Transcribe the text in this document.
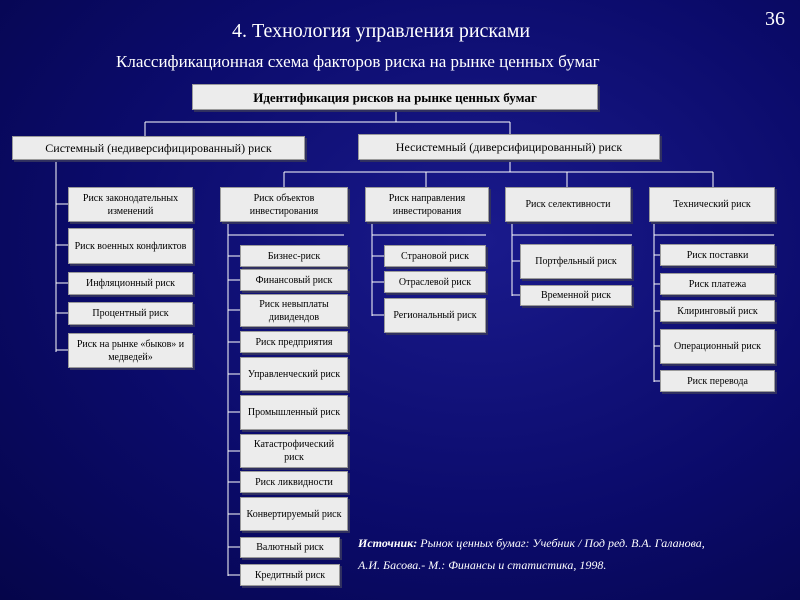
36
4. Технология управления рисками
Классификационная схема факторов риска на рынке ценных бумаг
Идентификация рисков на рынке ценных бумаг
Системный (недиверсифицированный) риск	Несистемный (диверсифицированный) риск
Риск законодательных изменений
Риск военных конфликтов
Инфляционный риск
Процентный риск
Риск на рынке «быков» и медведей»
Риск объектов инвестирования
Риск направления инвестирования
Риск селективности	Технический риск
Бизнес-риск
Финансовый риск
Риск невыплаты дивидендов
Риск предприятия
Управленческий риск
Промышленный риск
Катастрофический риск
Риск ликвидности
Конвертируемый риск
Валютный риск
Кредитный риск
Страновой риск
Отраслевой риск
Региональный риск
Портфельный риск
Временной риск
Риск поставки
Риск платежа
Клиринговый риск
Операционный риск
Риск перевода
Источник: Рынок ценных бумаг: Учебник / Под ред. В.А. Галанова,
А.И. Басова.- М.: Финансы и статистика, 1998.
